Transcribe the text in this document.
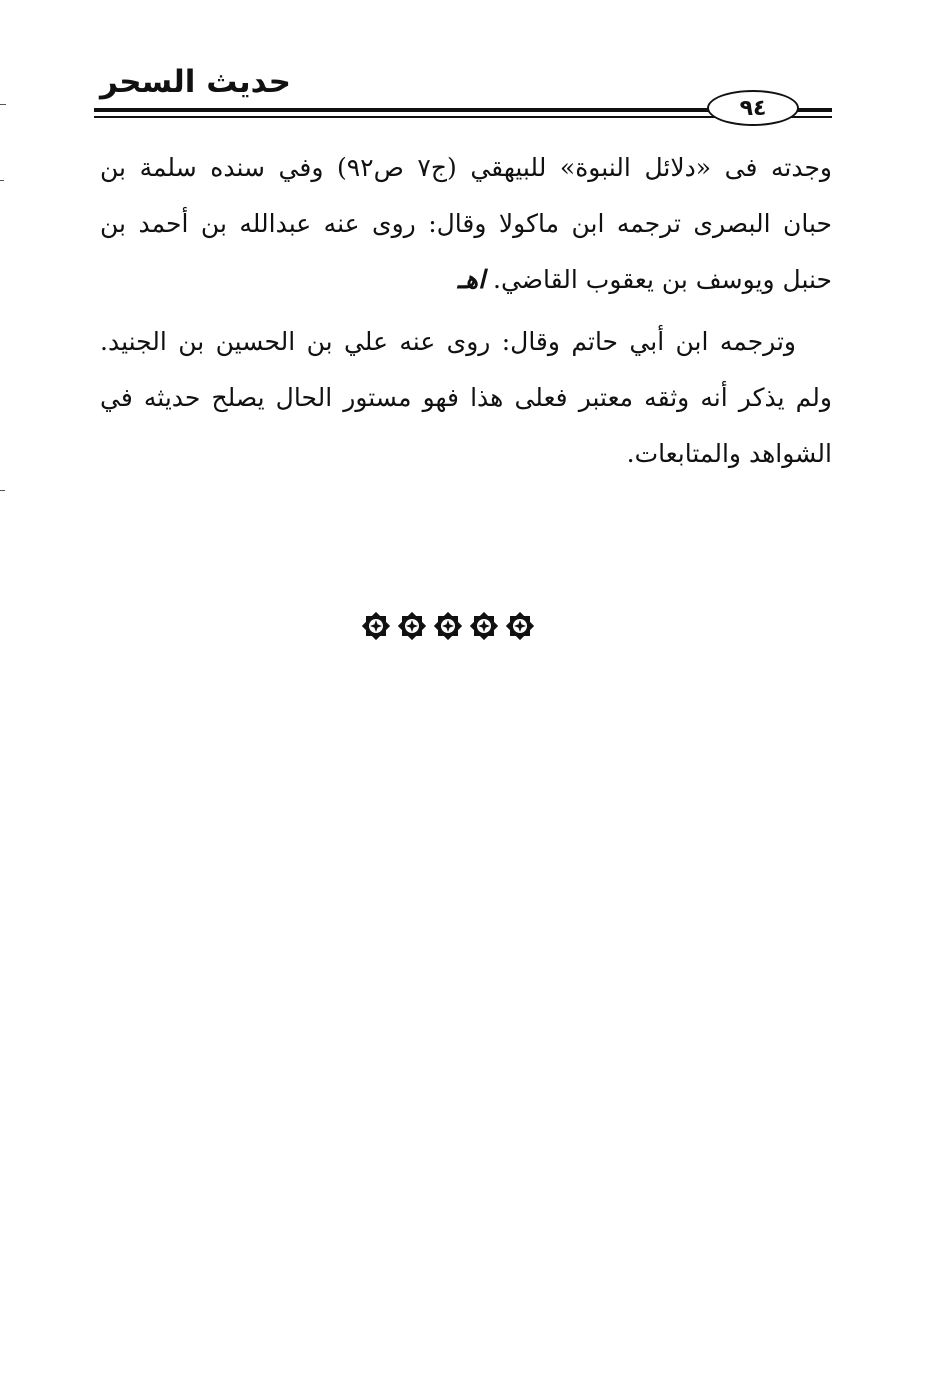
حديث السحر
٩٤

وجدته فى «دلائل النبوة» للبيهقي (ج٧ ص٩٢) وفي سنده سلمة بن حبان البصرى ترجمه ابن ماكولا وقال: روى عنه عبدالله بن أحمد بن حنبل ويوسف بن يعقوب القاضي. اهـ

وترجمه ابن أبي حاتم وقال: روى عنه علي بن الحسين بن الجنيد. ولم يذكر أنه وثقه معتبر فعلى هذا فهو مستور الحال يصلح حديثه في الشواهد والمتابعات.
